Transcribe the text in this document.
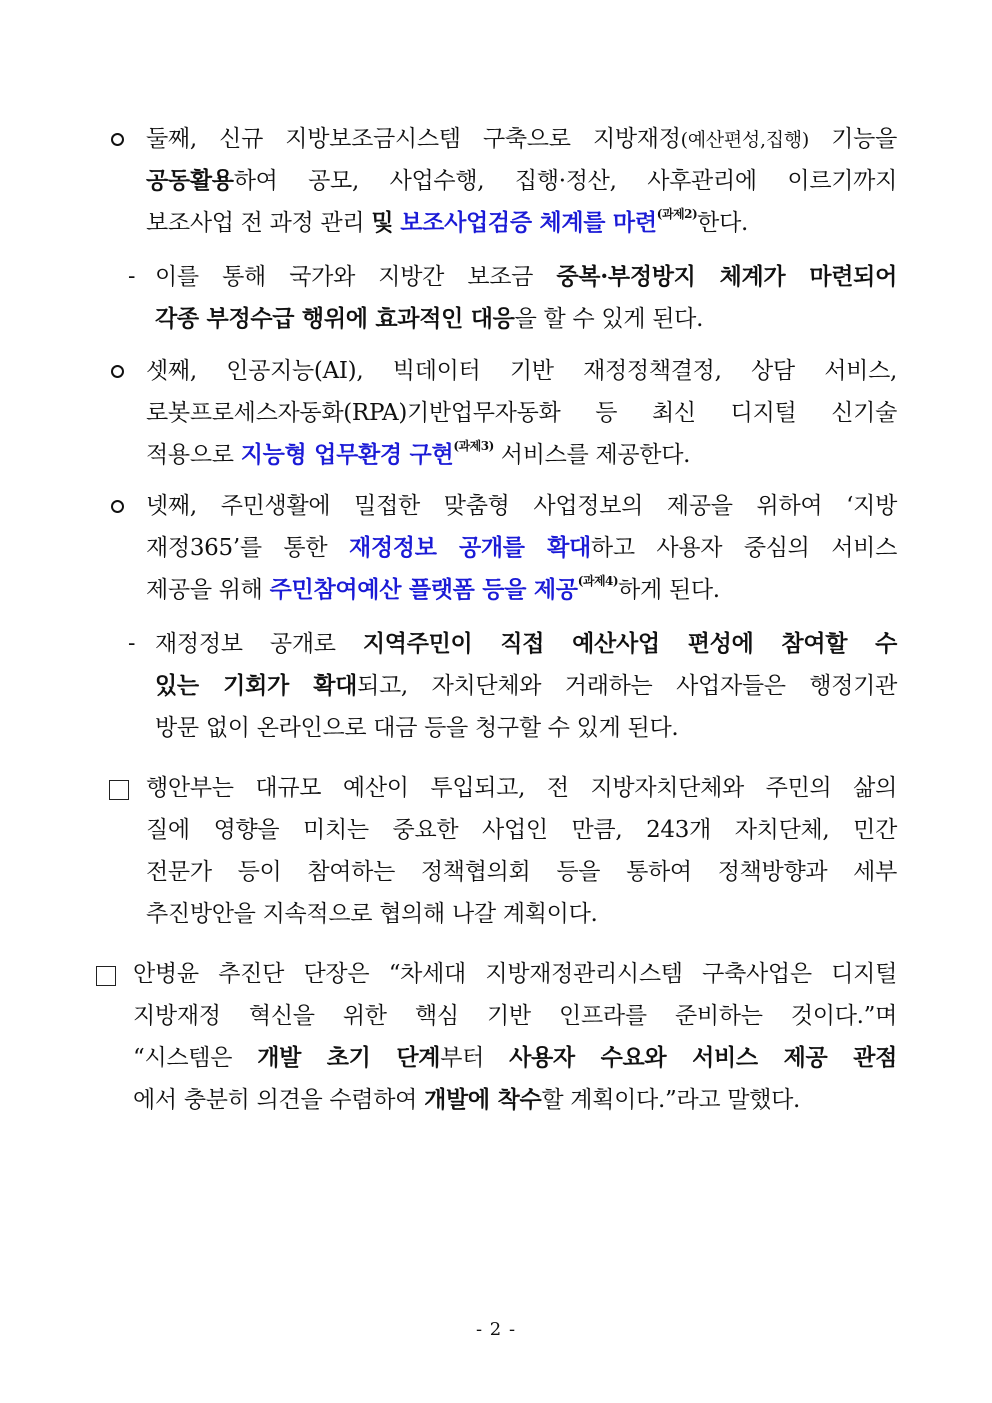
둘째, 신규 지방보조금시스템 구축으로 지방재정(예산편성,집행) 기능을
공동활용하여 공모, 사업수행, 집행·정산, 사후관리에 이르기까지
보조사업 전 과정 관리 및 보조사업검증 체계를 마련$^{(과제2)}$한다.
- 이를 통해 국가와 지방간 보조금 중복·부정방지 체계가 마련되어
각종 부정수급 행위에 효과적인 대응을 할 수 있게 된다.
셋째, 인공지능(AI), 빅데이터 기반 재정정책결정, 상담 서비스,
로봇프로세스자동화(RPA)기반업무자동화 등 최신 디지털 신기술
적용으로 지능형 업무환경 구현$^{(과제3)}$ 서비스를 제공한다.
넷째, 주민생활에 밀접한 맞춤형 사업정보의 제공을 위하여 ‘지방
재정365’를 통한 재정정보 공개를 확대하고 사용자 중심의 서비스
제공을 위해 주민참여예산 플랫폼 등을 제공$^{(과제4)}$하게 된다.
- 재정정보 공개로 지역주민이 직접 예산사업 편성에 참여할 수
있는 기회가 확대되고, 자치단체와 거래하는 사업자들은 행정기관
방문 없이 온라인으로 대금 등을 청구할 수 있게 된다.
행안부는 대규모 예산이 투입되고, 전 지방자치단체와 주민의 삶의
질에 영향을 미치는 중요한 사업인 만큼, 243개 자치단체, 민간
전문가 등이 참여하는 정책협의회 등을 통하여 정책방향과 세부
추진방안을 지속적으로 협의해 나갈 계획이다.
안병윤 추진단 단장은 “차세대 지방재정관리시스템 구축사업은 디지털
지방재정 혁신을 위한 핵심 기반 인프라를 준비하는 것이다.”며
“시스템은 개발 초기 단계부터 사용자 수요와 서비스 제공 관점
에서 충분히 의견을 수렴하여 개발에 착수할 계획이다.”라고 말했다.
- 2 -
